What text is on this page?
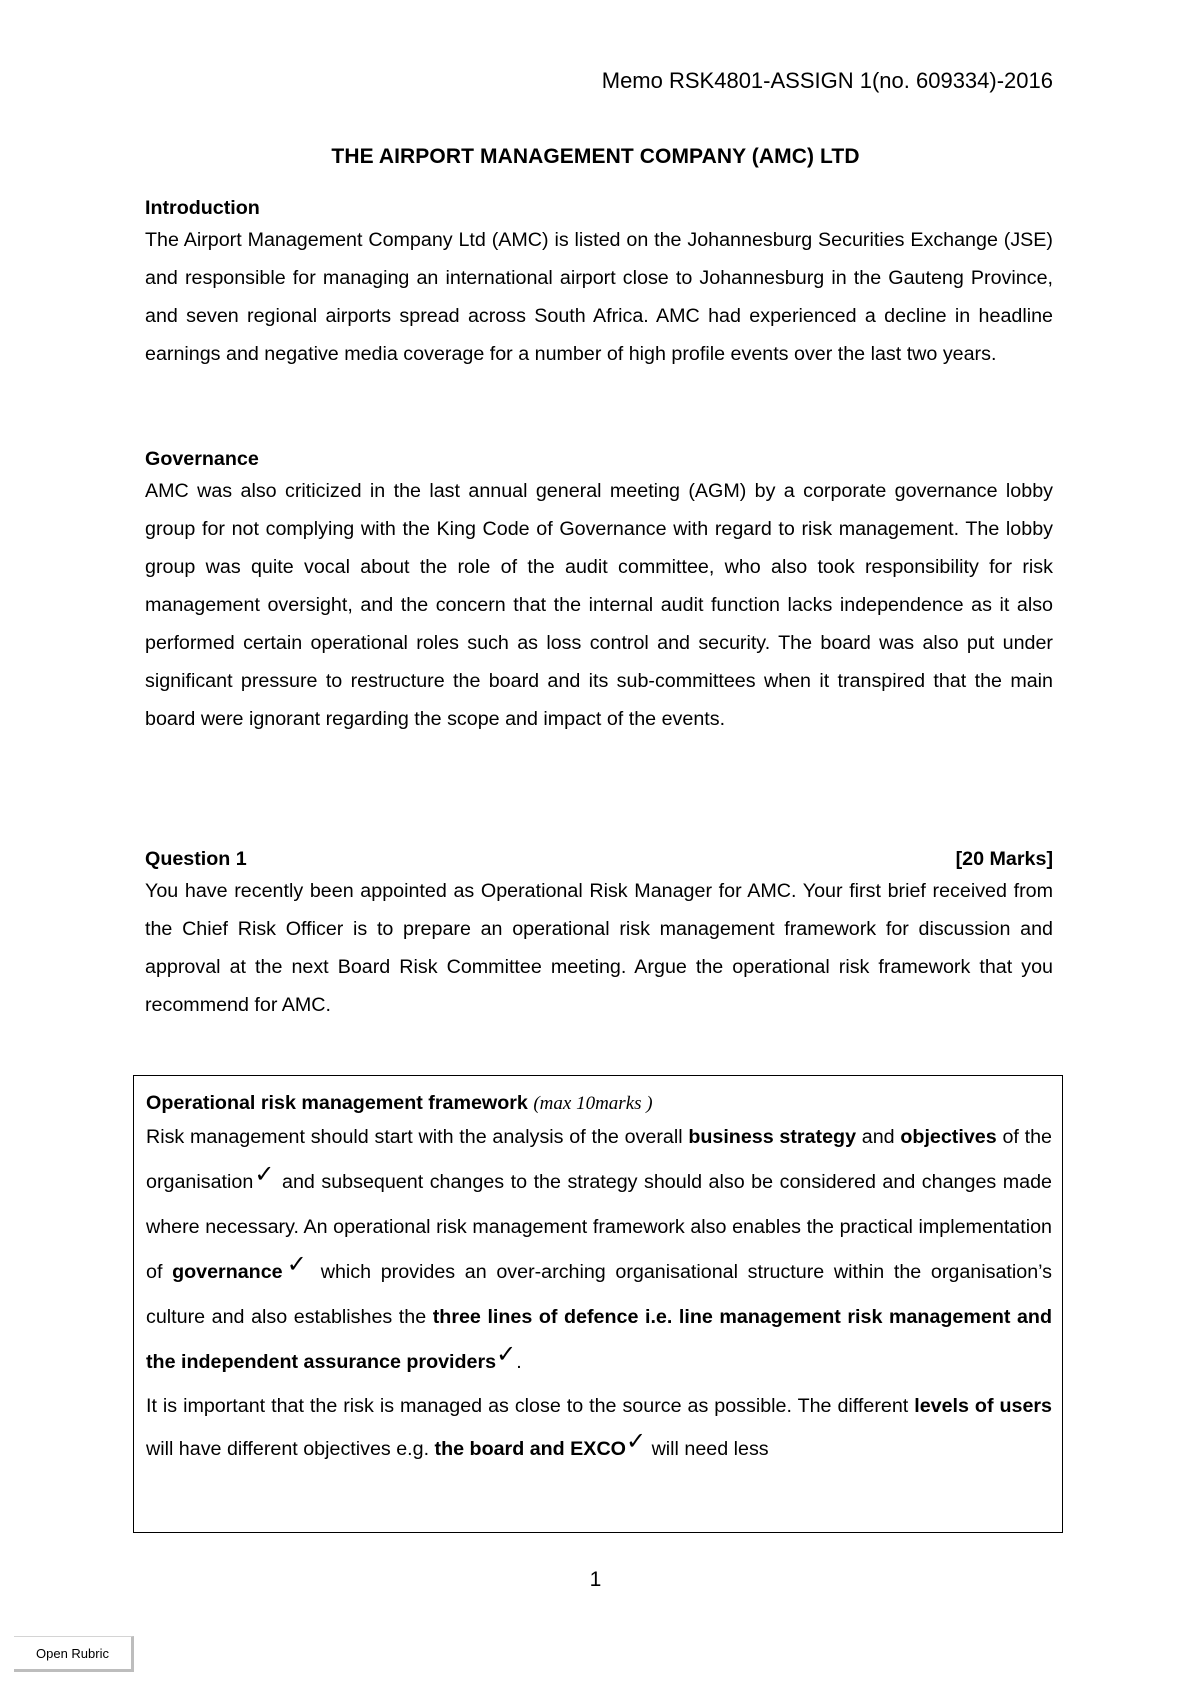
Memo RSK4801-ASSIGN 1(no. 609334)-2016
THE AIRPORT MANAGEMENT COMPANY (AMC) LTD
Introduction

The Airport Management Company Ltd (AMC) is listed on the Johannesburg Securities Exchange (JSE) and responsible for managing an international airport close to Johannesburg in the Gauteng Province, and seven regional airports spread across South Africa. AMC had experienced a decline in headline earnings and negative media coverage for a number of high profile events over the last two years.

Governance

AMC was also criticized in the last annual general meeting (AGM) by a corporate governance lobby group for not complying with the King Code of Governance with regard to risk management. The lobby group was quite vocal about the role of the audit committee, who also took responsibility for risk management oversight, and the concern that the internal audit function lacks independence as it also performed certain operational roles such as loss control and security. The board was also put under significant pressure to restructure the board and its sub-committees when it transpired that the main board were ignorant regarding the scope and impact of the events.

Question 1	[20 Marks]

You have recently been appointed as Operational Risk Manager for AMC. Your first brief received from the Chief Risk Officer is to prepare an operational risk management framework for discussion and approval at the next Board Risk Committee meeting. Argue the operational risk framework that you recommend for AMC.

Operational risk management framework (max 10marks )

Risk management should start with the analysis of the overall business strategy and objectives of the organisation✓ and subsequent changes to the strategy should also be considered and changes made where necessary. An operational risk management framework also enables the practical implementation of governance✓ which provides an over-arching organisational structure within the organisation’s culture and also establishes the three lines of defence i.e. line management risk management and the independent assurance providers✓.

It is important that the risk is managed as close to the source as possible. The different levels of users will have different objectives e.g. the board and EXCO✓ will need less

1
Open Rubric
